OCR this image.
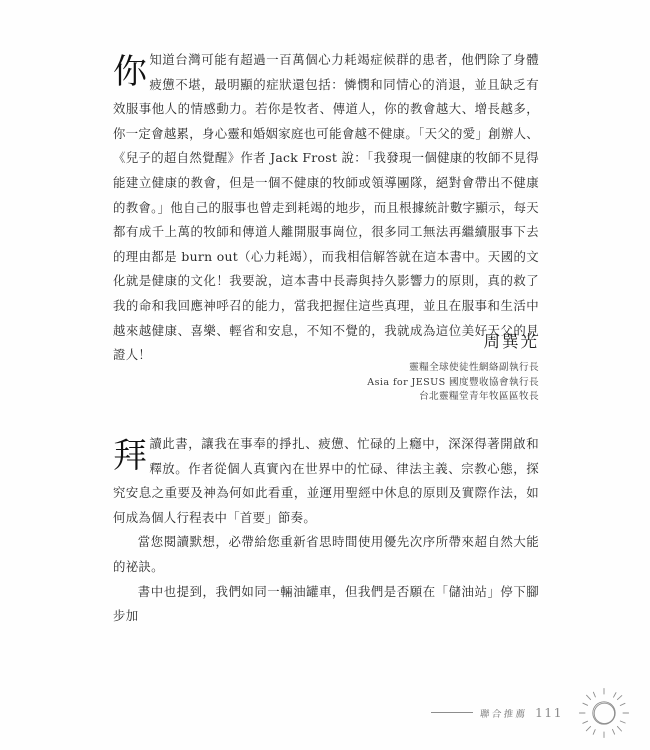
你知道台灣可能有超過一百萬個心力耗竭症候群的患者，他們除了身體疲憊不堪，最明顯的症狀還包括：憐憫和同情心的消退，並且缺乏有效服事他人的情感動力。若你是牧者、傳道人，你的教會越大、增長越多，你一定會越累，身心靈和婚姻家庭也可能會越不健康。「天父的愛」創辦人、《兒子的超自然覺醒》作者 Jack Frost 說：「我發現一個健康的牧師不見得能建立健康的教會，但是一個不健康的牧師或領導團隊，絕對會帶出不健康的教會。」他自己的服事也曾走到耗竭的地步，而且根據統計數字顯示，每天都有成千上萬的牧師和傳道人離開服事崗位，很多同工無法再繼續服事下去的理由都是 burn out（心力耗竭），而我相信解答就在這本書中。天國的文化就是健康的文化！我要說，這本書中長壽與持久影響力的原則，真的救了我的命和我回應神呼召的能力，當我把握住這些真理，並且在服事和生活中越來越健康、喜樂、輕省和安息，不知不覺的，我就成為這位美好天父的見證人！

周巽光
靈糧全球使徒性網絡副執行長
Asia for JESUS 國度豐收協會執行長
台北靈糧堂青年牧區區牧長

拜讀此書，讓我在事奉的掙扎、疲憊、忙碌的上癮中，深深得著開啟和釋放。作者從個人真實內在世界中的忙碌、律法主義、宗教心態，探究安息之重要及神為何如此看重，並運用聖經中休息的原則及實際作法，如何成為個人行程表中「首要」節奏。

當您閱讀默想，必帶給您重新省思時間使用優先次序所帶來超自然大能的祕訣。

書中也提到，我們如同一輛油罐車，但我們是否願在「儲油站」停下腳步加

聯合推薦 111
